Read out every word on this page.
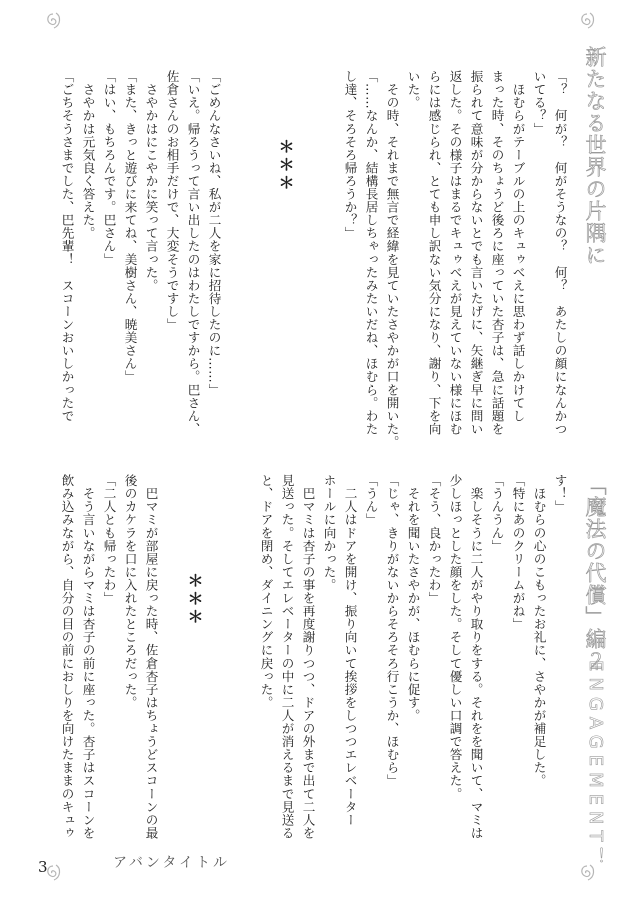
新たなる世界の片隅に
「魔法の代償」編２
ENGAGEMENT！
「？　何が？　何がそうなの？　何？　あたしの顔になんかつ
いてる？」
　ほむらがテーブルの上のキュゥべえに思わず話しかけてし
まった時、そのちょうど後ろに座っていた杏子は、急に話題を
振られて意味が分からないとでも言いたげに、矢継ぎ早に問い
返した。その様子はまるでキュゥべえが見えていない様にほむ
らには感じられ、とても申し訳ない気分になり、謝り、下を向
いた。
　その時、それまで無言で経緯を見ていたさやかが口を開いた。
「……なんか、結構長居しちゃったみたいだね、ほむら。わた
し達、そろそろ帰ろうか？」
＊＊＊
「ごめんなさいね、私が二人を家に招待したのに……」
「いえ。帰ろうって言い出したのはわたしですから。巴さん、
佐倉さんのお相手だけで、大変そうですし」
　さやかはにこやかに笑って言った。
「また、きっと遊びに来てね、美樹さん、暁美さん」
「はい、もちろんです。巴さん」
　さやかは元気良く答えた。
「ごちそうさまでした、巴先輩！　スコーンおいしかったで
す！」
　ほむらの心のこもったお礼に、さやかが補足した。
「特にあのクリームがね」
「うんうん」
　楽しそうに二人がやり取りをする。それをを聞いて、マミは
少しほっとした顔をした。そして優しい口調で答えた。
「そう、良かったわ」
　それを聞いたさやかが、ほむらに促す。
「じゃ、きりがないからそろそろ行こうか、ほむら」
「うん」
　二人はドアを開け、振り向いて挨拶をしつつエレベーター
ホールに向かった。
　巴マミは杏子の事を再度謝りつつ、ドアの外まで出て二人を
見送った。そしてエレベーターの中に二人が消えるまで見送る
と、ドアを閉め、ダイニングに戻った。
＊＊＊
　巴マミが部屋に戻った時、佐倉杏子はちょうどスコーンの最
後のカケラを口に入れたところだった。
「二人とも帰ったわ」
　そう言いながらマミは杏子の前に座った。杏子はスコーンを
飲み込みながら、自分の目の前におしりを向けたままのキュゥ
3	アバンタイトル
